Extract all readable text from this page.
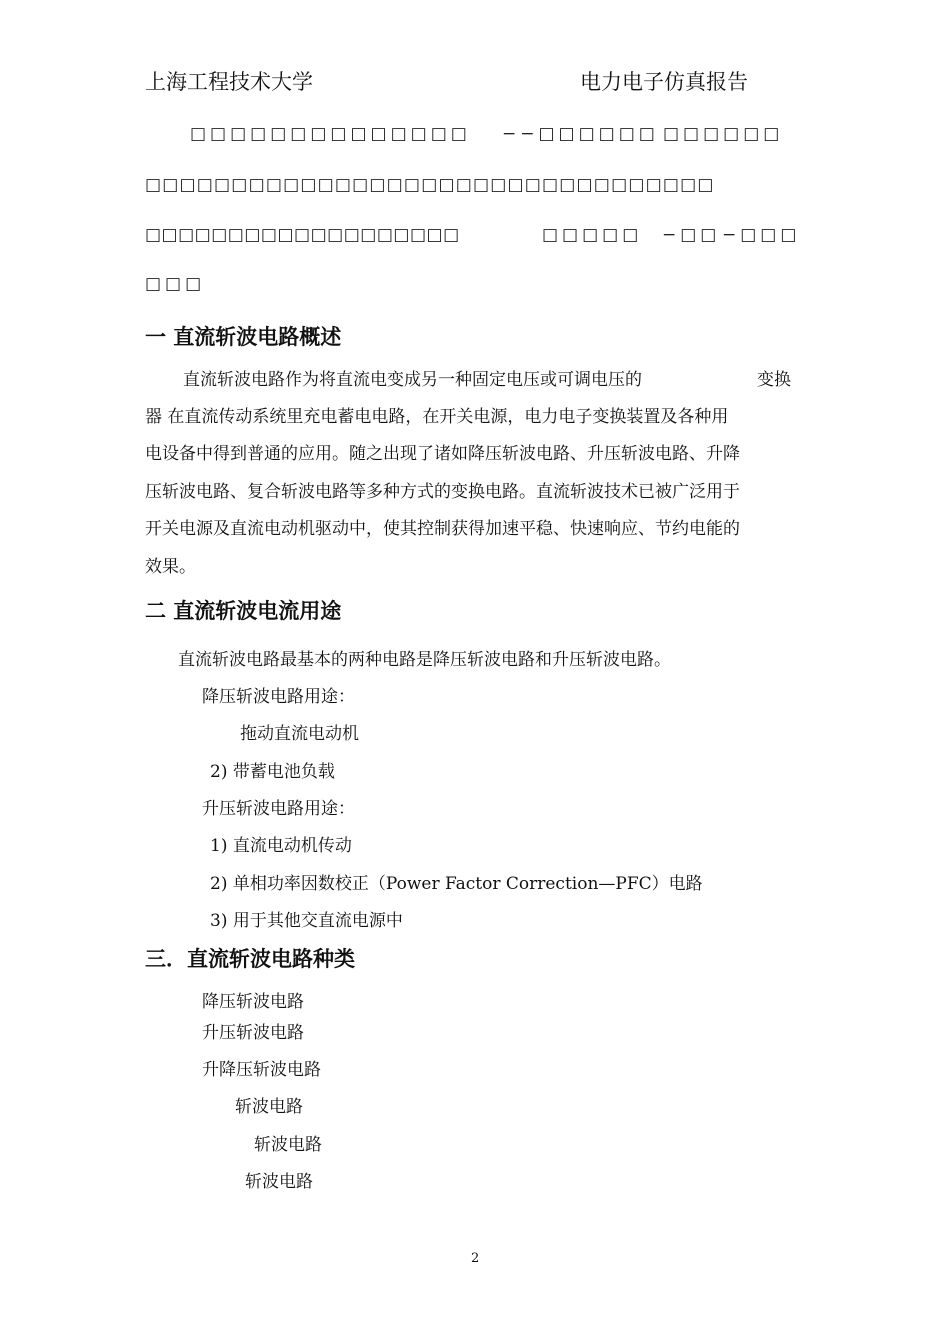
上海工程技术大学	电力电子仿真报告
□□□□□□□□□□□□□□ −−□□□□□□ □□□□□□
□□□□□□□□□□□□□□□□□□□□□□□□□□□□□□□□□
□□□□□□□□□□□□□□□□□□□	□□□□□ −□□ −□□□
□□□
一 直流斩波电路概述
直流斩波电路作为将直流电变成另一种固定电压或可调电压的	变换
器 在直流传动系统里充电蓄电电路，在开关电源，电力电子变换装置及各种用
电设备中得到普通的应用。随之出现了诸如降压斩波电路、升压斩波电路、升降
压斩波电路、复合斩波电路等多种方式的变换电路。直流斩波技术已被广泛用于
开关电源及直流电动机驱动中，使其控制获得加速平稳、快速响应、节约电能的
效果。
二 直流斩波电流用途
直流斩波电路最基本的两种电路是降压斩波电路和升压斩波电路。
降压斩波电路用途：
拖动直流电动机
2) 带蓄电池负载
升压斩波电路用途：
1) 直流电动机传动
2) 单相功率因数校正（Power Factor Correction—PFC）电路
3) 用于其他交直流电源中
三．直流斩波电路种类
降压斩波电路
升压斩波电路
升降压斩波电路
斩波电路
斩波电路
斩波电路
2
